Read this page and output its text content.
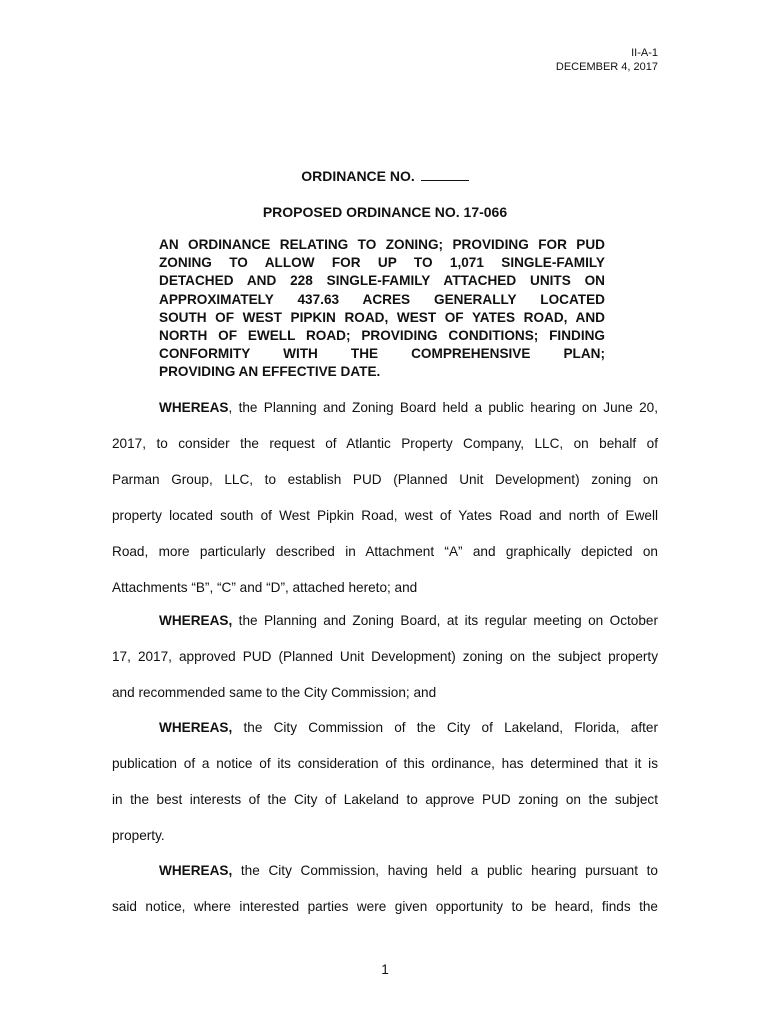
II-A-1
DECEMBER 4, 2017
ORDINANCE NO.
PROPOSED ORDINANCE NO. 17-066
AN ORDINANCE RELATING TO ZONING; PROVIDING FOR PUD
ZONING TO ALLOW FOR UP TO 1,071 SINGLE-FAMILY
DETACHED AND 228 SINGLE-FAMILY ATTACHED UNITS ON
APPROXIMATELY 437.63 ACRES GENERALLY LOCATED
SOUTH OF WEST PIPKIN ROAD, WEST OF YATES ROAD, AND
NORTH OF EWELL ROAD; PROVIDING CONDITIONS; FINDING
CONFORMITY WITH THE COMPREHENSIVE PLAN;
PROVIDING AN EFFECTIVE DATE.
WHEREAS, the Planning and Zoning Board held a public hearing on June 20,
2017, to consider the request of Atlantic Property Company, LLC, on behalf of
Parman Group, LLC, to establish PUD (Planned Unit Development) zoning on
property located south of West Pipkin Road, west of Yates Road and north of Ewell
Road, more particularly described in Attachment “A” and graphically depicted on
Attachments “B”, “C” and “D”, attached hereto; and
WHEREAS, the Planning and Zoning Board, at its regular meeting on October
17, 2017, approved PUD (Planned Unit Development) zoning on the subject property
and recommended same to the City Commission; and
WHEREAS, the City Commission of the City of Lakeland, Florida, after
publication of a notice of its consideration of this ordinance, has determined that it is
in the best interests of the City of Lakeland to approve PUD zoning on the subject
property.
WHEREAS, the City Commission, having held a public hearing pursuant to
said notice, where interested parties were given opportunity to be heard, finds the
1
